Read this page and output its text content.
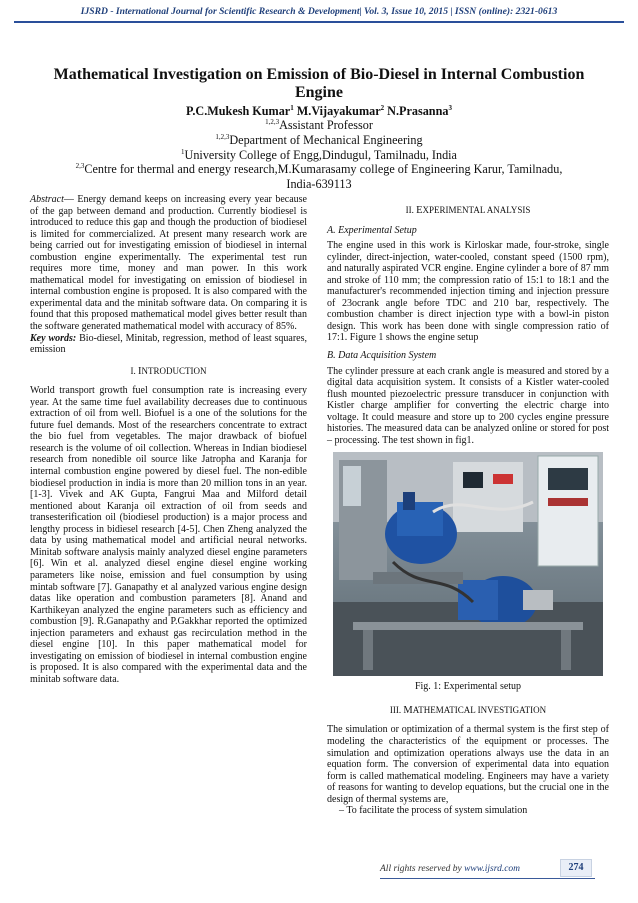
IJSRD - International Journal for Scientific Research & Development| Vol. 3, Issue 10, 2015 | ISSN (online): 2321-0613
Mathematical Investigation on Emission of Bio-Diesel in Internal Combustion Engine
P.C.Mukesh Kumar$^1$ M.Vijayakumar$^2$ N.Prasanna$^3$
$^{1,2,3}$Assistant Professor
$^{1,2,3}$Department of Mechanical Engineering
$^1$University College of Engg,Dindugul, Tamilnadu, India
$^{2,3}$Centre for thermal and energy research,M.Kumarasamy college of Engineering Karur, Tamilnadu,
India-639113

Abstract— Energy demand keeps on increasing every year because of the gap between demand and production. Currently biodiesel is introduced to reduce this gap and though the production of biodiesel is limited for commercialized. At present many research work are being carried out for investigating emission of biodiesel in internal combustion engine experimentally. The experimental test run requires more time, money and man power. In this work mathematical model for investigating on emission of biodiesel in internal combustion engine is proposed. It is also compared with the experimental data and the minitab software data. On comparing it is found that this proposed mathematical model gives better result than the software generated mathematical model with accuracy of 85%.

Key words: Bio-diesel, Minitab, regression, method of least squares, emission

I. INTRODUCTION

World transport growth fuel consumption rate is increasing every year. At the same time fuel availability decreases due to continuous extraction of oil from well. Biofuel is a one of the solutions for the future fuel demands. Most of the researchers concentrate to extract the bio fuel from vegetables. The major drawback of biofuel research is the volume of oil collection. Whereas in Indian biodiesel research from nonedible oil source like Jatropha and Karanja for internal combustion engine powered by diesel fuel. The non-edible biodiesel production in india is more than 20 million tons in an year. [1-3]. Vivek and AK Gupta, Fangrui Maa and Milford detail mentioned about Karanja oil extraction of oil from seeds and transesterification oil (biodiesel production) is a major process and lengthy process in bidiesel research [4-5]. Chen Zheng analyzed the data by using mathematical model and artificial neural networks. Minitab software analysis mainly analyzed diesel engine parameters [6]. Win et al. analyzed diesel engine diesel engine working parameters like noise, emission and fuel consumption by using mintab software [7]. Ganapathy et al analyzed various engine design datas like operation and combustion parameters [8]. Anand and Karthikeyan analyzed the engine parameters such as efficiency and combustion [9]. R.Ganapathy and P.Gakkhar reported the optimized injection parameters and exhaust gas recirculation method in the diesel engine [10]. In this paper mathematical model for investigating on emission of biodiesel in internal combustion engine is proposed. It is also compared with the experimental data and the minitab software data.

II. EXPERIMENTAL ANALYSIS
A. Experimental Setup

The engine used in this work is Kirloskar made, four-stroke, single cylinder, direct-injection, water-cooled, constant speed (1500 rpm), and naturally aspirated VCR engine. Engine cylinder a bore of 87 mm and stroke of 110 mm; the compression ratio of 15:1 to 18:1 and the manufacturer's recommended injection timing and injection pressure of 23ocrank angle before TDC and 210 bar, respectively. The combustion chamber is direct injection type with a bowl-in piston design. This work has been done with single compression ratio of 17:1. Figure 1 shows the engine setup

B. Data Acquisition System

The cylinder pressure at each crank angle is measured and stored by a digital data acquisition system. It consists of a Kistler water-cooled flush mounted piezoelectric pressure transducer in conjunction with Kistler charge amplifier for converting the electric charge into voltage. It could measure and store up to 200 cycles engine pressure histories. The measured data can be analyzed online or stored for post – processing. The test shown in fig1.

Fig. 1: Experimental setup
III. MATHEMATICAL INVESTIGATION

The simulation or optimization of a thermal system is the first step of modeling the characteristics of the equipment or processes. The simulation and optimization operations always use the data in an equation form. The conversion of experimental data into equation form is called mathematical modeling. Engineers may have a variety of reasons for wanting to develop equations, but the crucial one in the design of thermal systems are,

– To facilitate the process of system simulation

All rights reserved by www.ijsrd.com	274
